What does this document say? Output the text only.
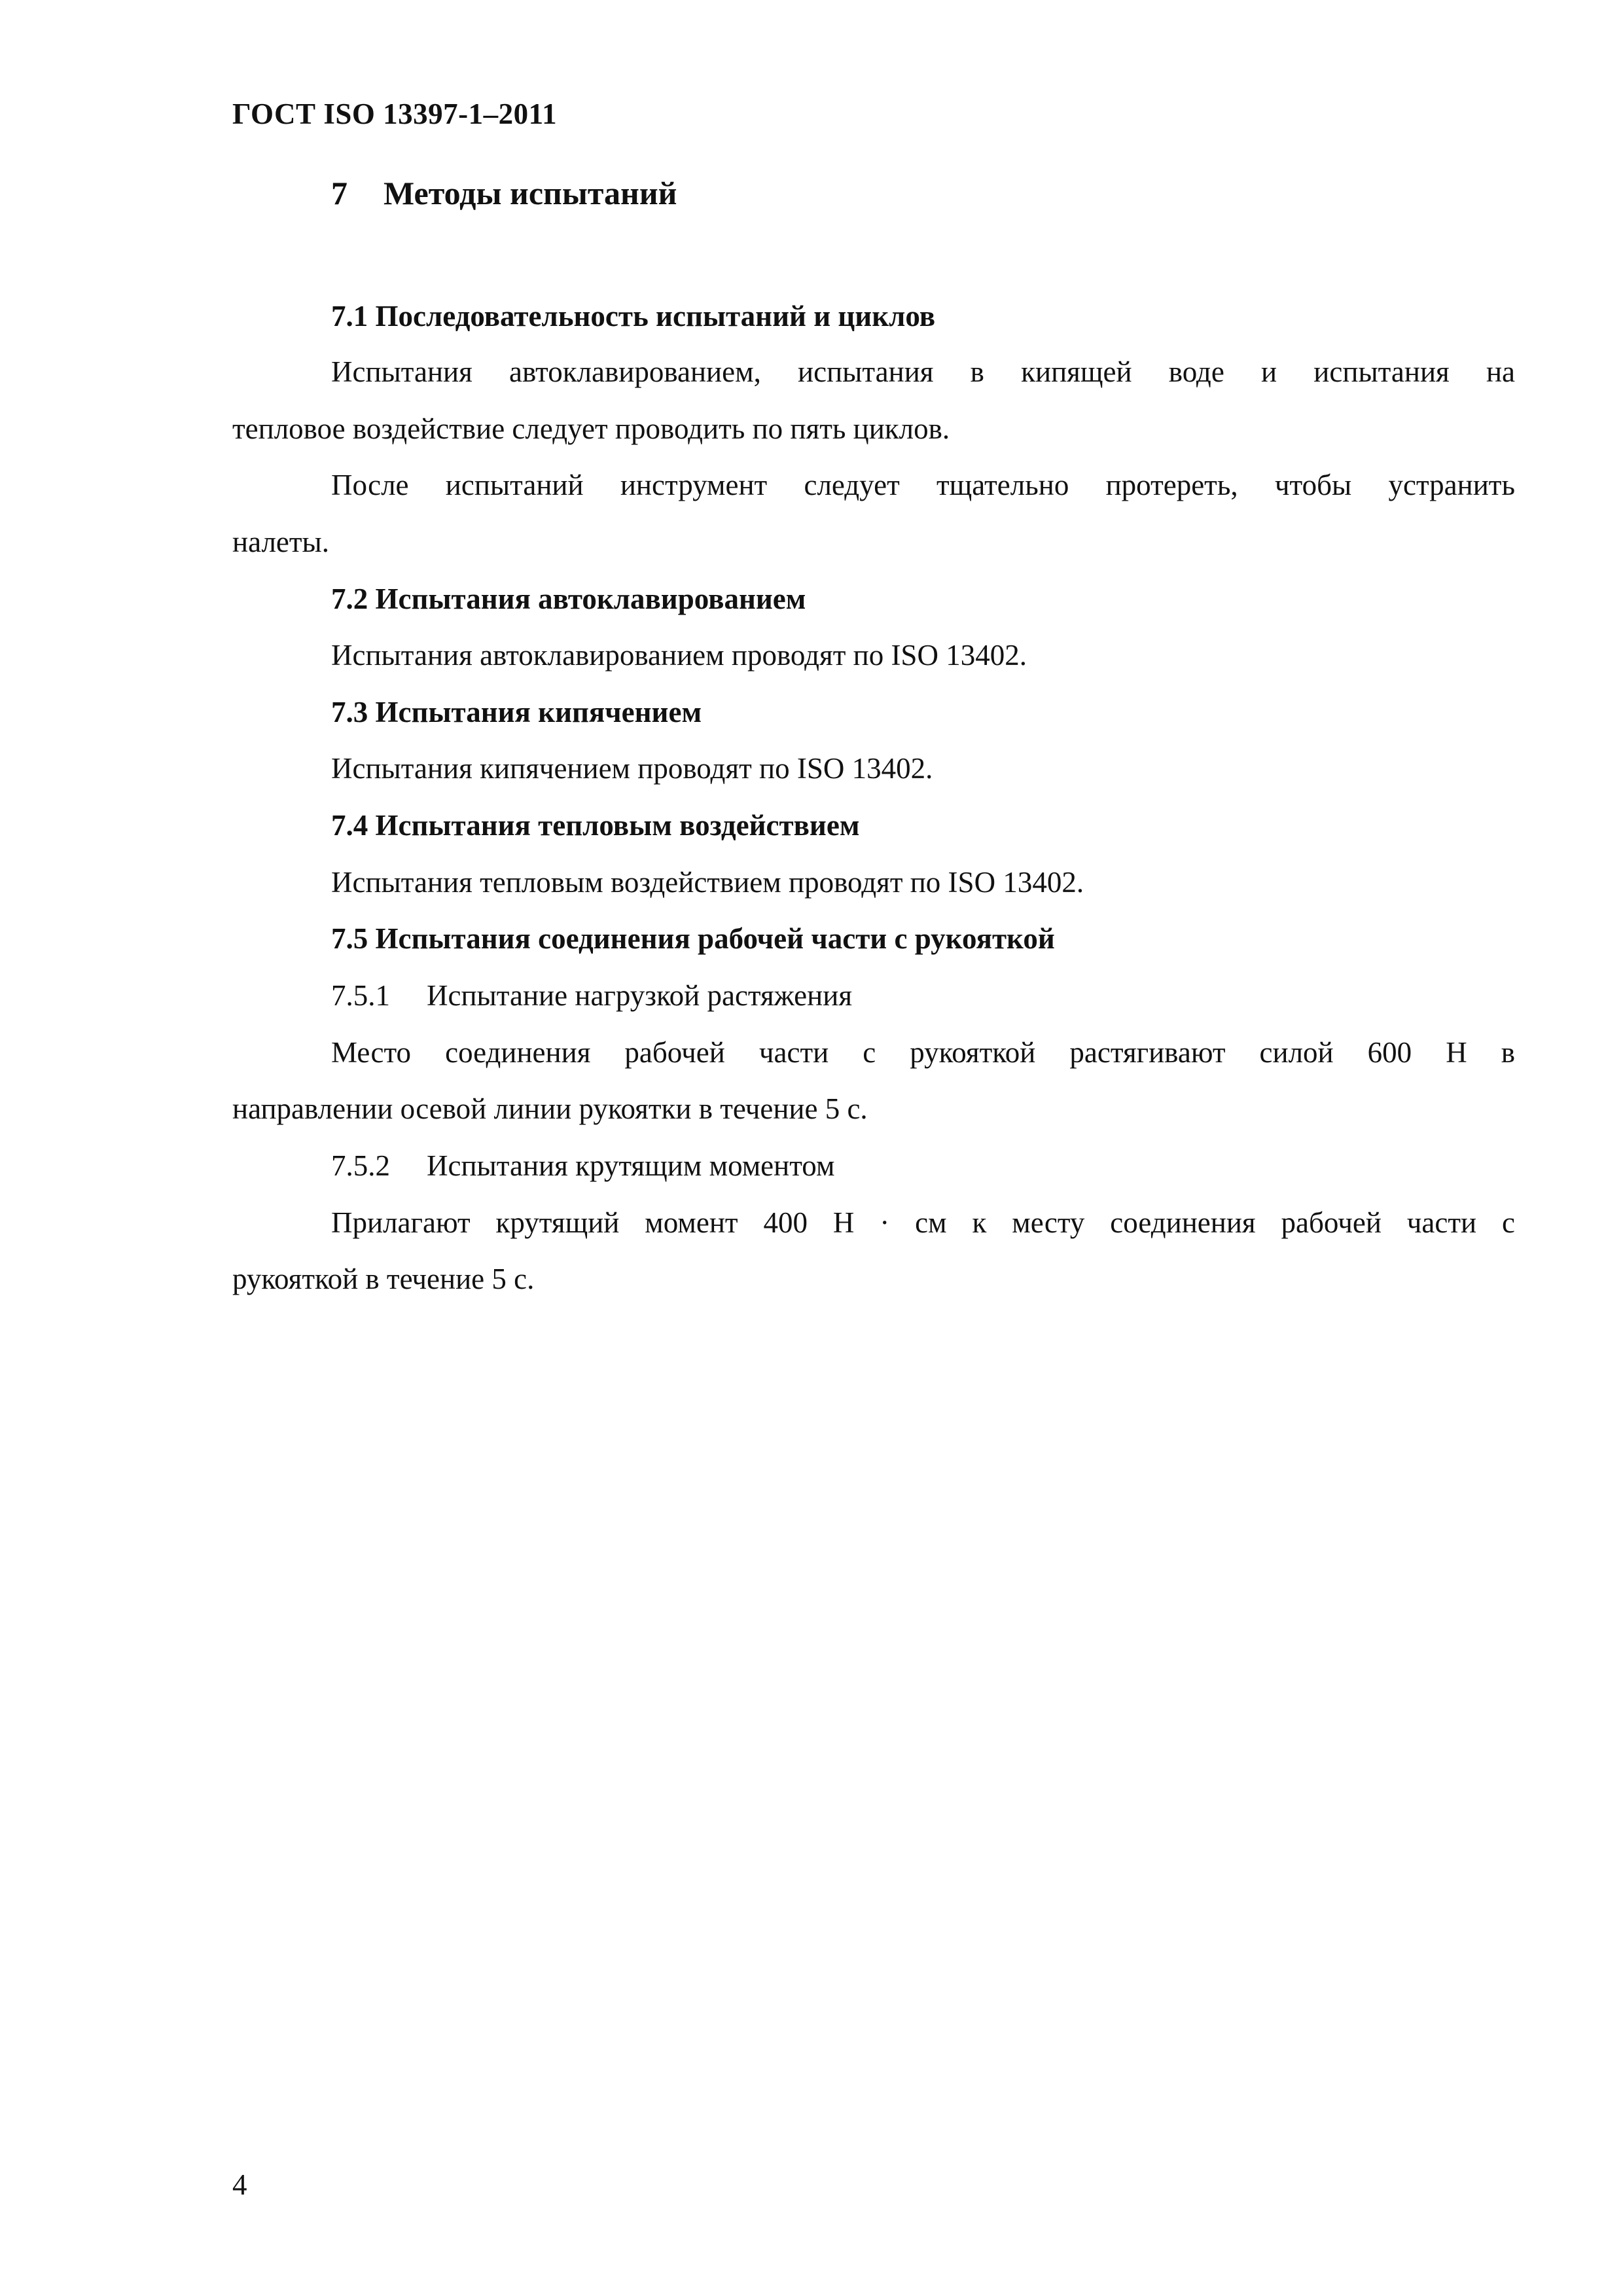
ГОСТ ISO 13397-1–2011
7 Методы испытаний
7.1 Последовательность испытаний и циклов
Испытания автоклавированием, испытания в кипящей воде и испытания на
тепловое воздействие следует проводить по пять циклов.
После испытаний инструмент следует тщательно протереть, чтобы устранить
налеты.
7.2 Испытания автоклавированием
Испытания автоклавированием проводят по ISO 13402.
7.3 Испытания кипячением
Испытания кипячением проводят по ISO 13402.
7.4 Испытания тепловым воздействием
Испытания тепловым воздействием проводят по ISO 13402.
7.5 Испытания соединения рабочей части с рукояткой
7.5.1 Испытание нагрузкой растяжения
Место соединения рабочей части с рукояткой растягивают силой 600 Н в
направлении осевой линии рукоятки в течение 5 с.
7.5.2 Испытания крутящим моментом
Прилагают крутящий момент 400 Н · см к месту соединения рабочей части с
рукояткой в течение 5 с.
4
